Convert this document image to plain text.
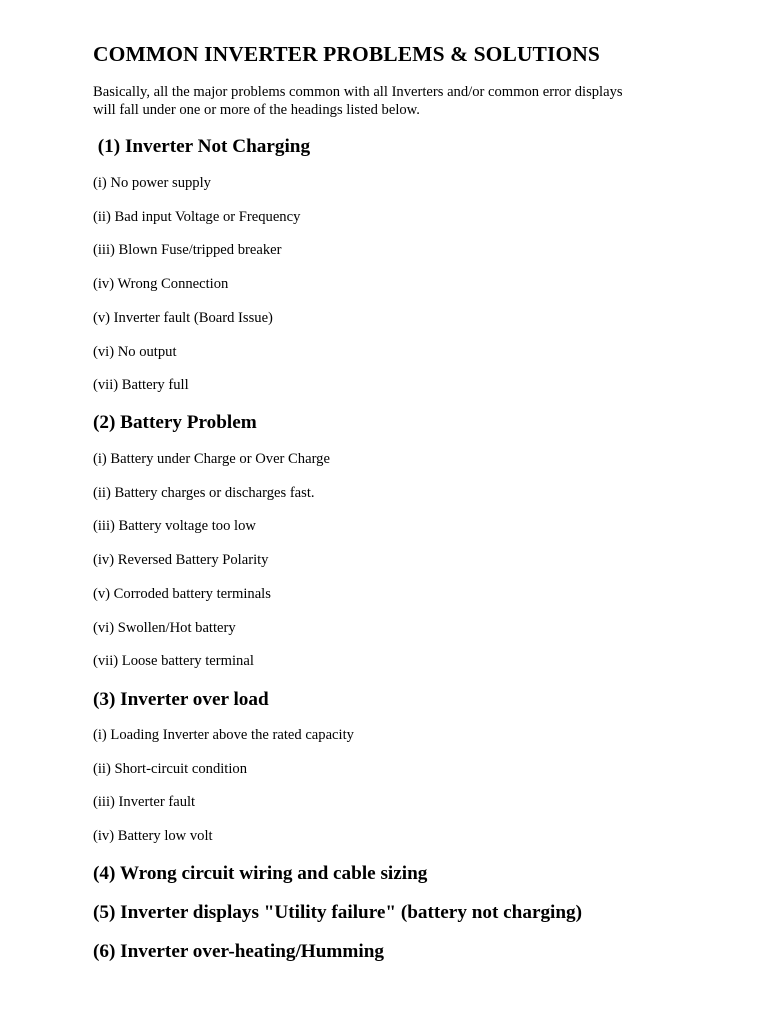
COMMON INVERTER PROBLEMS & SOLUTIONS

Basically, all the major problems common with all Inverters and/or common error displays
will fall under one or more of the headings listed below.

(1) Inverter Not Charging

(i) No power supply

(ii) Bad input Voltage or Frequency

(iii) Blown Fuse/tripped breaker

(iv) Wrong Connection

(v) Inverter fault (Board Issue)

(vi) No output

(vii) Battery full

(2) Battery Problem

(i) Battery under Charge or Over Charge

(ii) Battery charges or discharges fast.

(iii) Battery voltage too low

(iv) Reversed Battery Polarity

(v) Corroded battery terminals

(vi) Swollen/Hot battery

(vii) Loose battery terminal

(3) Inverter over load

(i) Loading Inverter above the rated capacity

(ii) Short-circuit condition

(iii) Inverter fault

(iv) Battery low volt

(4) Wrong circuit wiring and cable sizing
(5) Inverter displays "Utility failure" (battery not charging)
(6) Inverter over-heating/Humming
